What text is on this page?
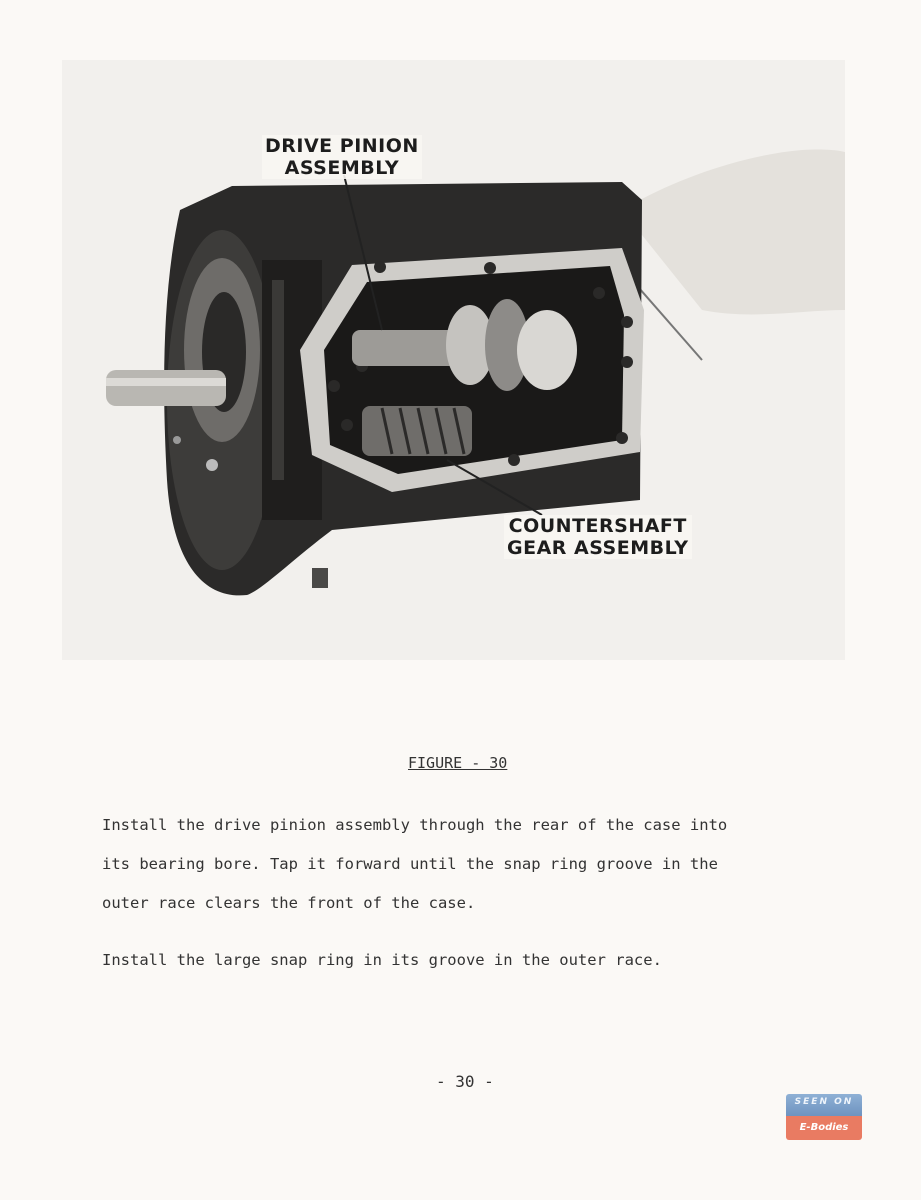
DRIVE PINION
ASSEMBLY
COUNTERSHAFT
GEAR ASSEMBLY
FIGURE - 30
Install the drive pinion assembly through the rear of the case into
its bearing bore. Tap it forward until the snap ring groove in the
outer race clears the front of the case.
Install the large snap ring in its groove in the outer race.
- 30 -
SEEN ON
E-Bodies
